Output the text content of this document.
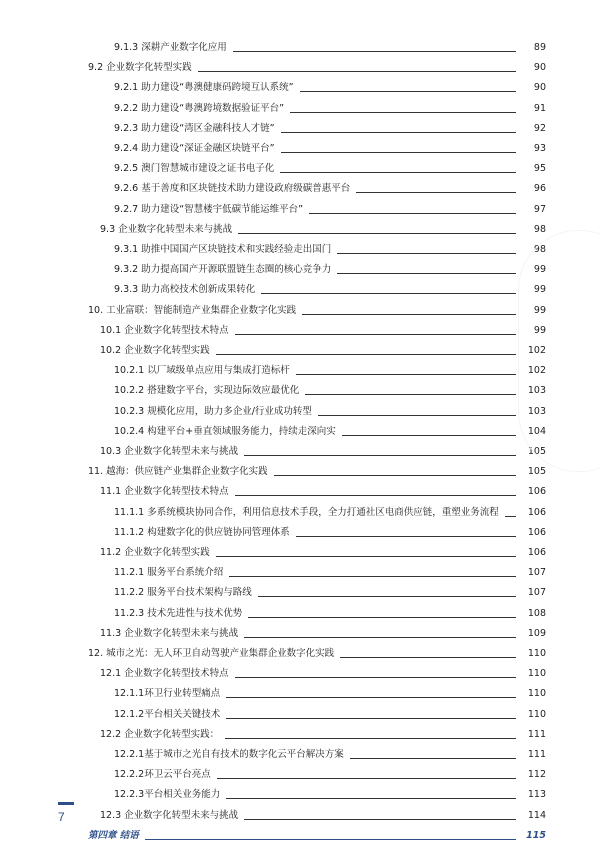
9.1.3 深耕产业数字化应用	89
9.2 企业数字化转型实践	90
9.2.1 助力建设“粤澳健康码跨境互认系统”	90
9.2.2 助力建设“粤澳跨境数据验证平台”	91
9.2.3 助力建设“湾区金融科技人才链”	92
9.2.4 助力建设“深证金融区块链平台”	93
9.2.5 澳门智慧城市建设之证书电子化	95
9.2.6 基于善度和区块链技术助力建设政府级碳普惠平台	96
9.2.7 助力建设“智慧楼宇低碳节能运维平台”	97
9.3 企业数字化转型未来与挑战	98
9.3.1 助推中国国产区块链技术和实践经验走出国门	98
9.3.2 助力提高国产开源联盟链生态圈的核心竞争力	99
9.3.3 助力高校技术创新成果转化	99
10. 工业富联：智能制造产业集群企业数字化实践	99
10.1 企业数字化转型技术特点	99
10.2 企业数字化转型实践	102
10.2.1 以厂域级单点应用与集成打造标杆	102
10.2.2 搭建数字平台，实现边际效应最优化	103
10.2.3 规模化应用，助力多企业/行业成功转型	103
10.2.4 构建平台+垂直领域服务能力，持续走深向实	104
10.3 企业数字化转型未来与挑战	105
11. 越海：供应链产业集群企业数字化实践	105
11.1 企业数字化转型技术特点	106
11.1.1 多系统模块协同合作，利用信息技术手段，全力打通社区电商供应链，重塑业务流程	106
11.1.2 构建数字化的供应链协同管理体系	106
11.2 企业数字化转型实践	106
11.2.1 服务平台系统介绍	107
11.2.2 服务平台技术架构与路线	107
11.2.3 技术先进性与技术优势	108
11.3 企业数字化转型未来与挑战	109
12. 城市之光：无人环卫自动驾驶产业集群企业数字化实践	110
12.1 企业数字化转型技术特点	110
12.1.1环卫行业转型痛点	110
12.1.2平台相关关键技术	110
12.2 企业数字化转型实践：	111
12.2.1基于城市之光自有技术的数字化云平台解决方案	111
12.2.2环卫云平台亮点	112
12.2.3平台相关业务能力	113
12.3 企业数字化转型未来与挑战	114
第四章 结语	115
7
